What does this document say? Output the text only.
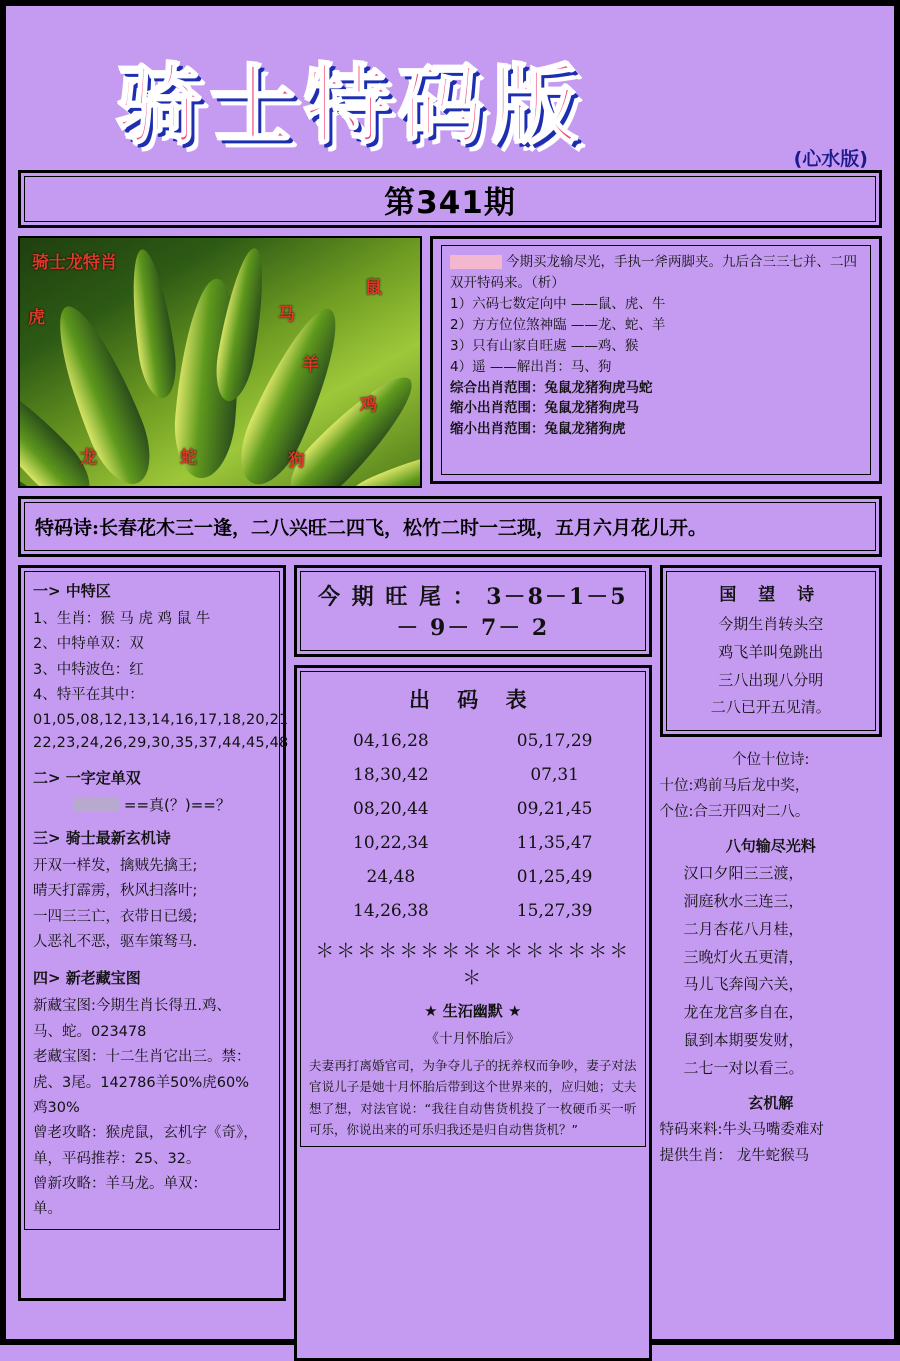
骑士特码版
(心水版)
第341期
骑士龙特肖
鼠
虎	马
羊
鸡
龙	蛇	狗
今期买龙输尽光，手执一斧两脚夹。九后合三三七并、二四双开特码来。（析）
1）六码七数定向中 ——鼠、虎、牛
2）方方位位煞神臨 ——龙、蛇、羊
3）只有山家自旺處 ——鸡、猴
4）遥 ——解出肖：马、狗
综合出肖范围：兔鼠龙猪狗虎马蛇
缩小出肖范围：兔鼠龙猪狗虎马
缩小出肖范围：兔鼠龙猪狗虎
特码诗:长春花木三一逢，二八兴旺二四飞，松竹二时一三现，五月六月花儿开。
一> 中特区
1、生肖：猴 马 虎 鸡 鼠 牛
2、中特单双：双
3、中特波色：红
4、特平在其中：
01,05,08,12,13,14,16,17,18,20,21
22,23,24,26,29,30,35,37,44,45,48
二> 一字定单双
==真(？)==？
三> 骑士最新玄机诗
开双一样发，擒贼先擒王;
晴天打霹雳，秋风扫落叶;
一四三三亡，衣带日已缓;
人恶礼不恶，驱车策驽马.
四> 新老藏宝图
新藏宝图:今期生肖长得丑.鸡、
马、蛇。023478
老藏宝图：十二生肖它出三。禁：
虎、3尾。142786羊50%虎60%
鸡30%
曾老攻略：猴虎鼠，玄机字《奇》，
单，平码推荐：25、32。
曾新攻略：羊马龙。单双：
单。
今 期 旺 尾 ： 3－8－1－5－ 9－ 7－ 2
出 码 表
04,16,28	05,17,29
18,30,42	07,31
08,20,44	09,21,45
10,22,34	11,35,47
24,48	01,25,49
14,26,38	15,27,39
＊＊＊＊＊＊＊＊＊＊＊＊＊＊＊＊
★ 生沰幽默 ★
《十月怀胎后》
夫妻再打离婚官司，为争夺儿子的抚养权而争吵，妻子对法官说儿子是她十月怀胎后带到这个世界来的，应归她；丈夫想了想，对法官说：“我往自动售货机投了一枚硬币买一听可乐，你说出来的可乐归我还是归自动售货机？”
国 望 诗
今期生肖转头空
鸡飞羊叫兔跳出
三八出现八分明
二八已开五见清。
个位十位诗:
十位:鸡前马后龙中奖，
个位:合三开四对二八。
八句输尽光料
汉口夕阳三三渡，
洞庭秋水三连三，
二月杏花八月桂，
三晚灯火五更清，
马儿飞奔闯六关，
龙在龙宫多自在，
鼠到本期要发财，
二七一对以看三。
玄机解
特码来料:牛头马嘴委难对
提供生肖： 龙牛蛇猴马
